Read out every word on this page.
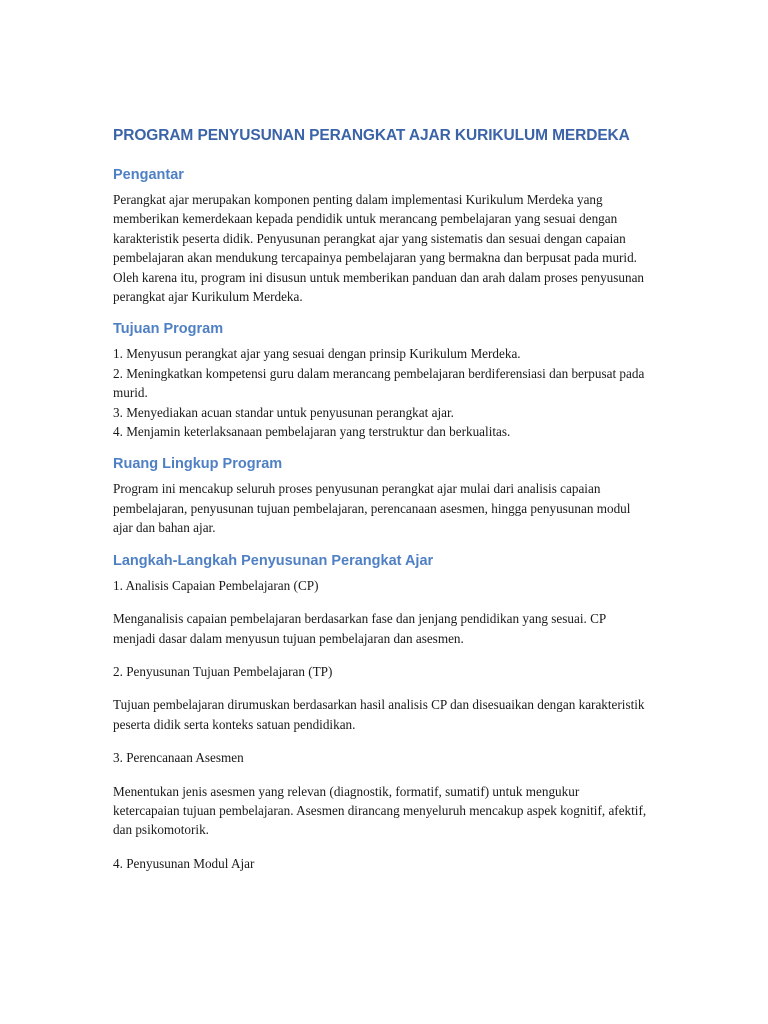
PROGRAM PENYUSUNAN PERANGKAT AJAR KURIKULUM MERDEKA
Pengantar

Perangkat ajar merupakan komponen penting dalam implementasi Kurikulum Merdeka yang memberikan kemerdekaan kepada pendidik untuk merancang pembelajaran yang sesuai dengan karakteristik peserta didik. Penyusunan perangkat ajar yang sistematis dan sesuai dengan capaian pembelajaran akan mendukung tercapainya pembelajaran yang bermakna dan berpusat pada murid. Oleh karena itu, program ini disusun untuk memberikan panduan dan arah dalam proses penyusunan perangkat ajar Kurikulum Merdeka.

Tujuan Program

1. Menyusun perangkat ajar yang sesuai dengan prinsip Kurikulum Merdeka.

2. Meningkatkan kompetensi guru dalam merancang pembelajaran berdiferensiasi dan berpusat pada murid.

3. Menyediakan acuan standar untuk penyusunan perangkat ajar.

4. Menjamin keterlaksanaan pembelajaran yang terstruktur dan berkualitas.

Ruang Lingkup Program

Program ini mencakup seluruh proses penyusunan perangkat ajar mulai dari analisis capaian pembelajaran, penyusunan tujuan pembelajaran, perencanaan asesmen, hingga penyusunan modul ajar dan bahan ajar.

Langkah-Langkah Penyusunan Perangkat Ajar

1. Analisis Capaian Pembelajaran (CP)

Menganalisis capaian pembelajaran berdasarkan fase dan jenjang pendidikan yang sesuai. CP menjadi dasar dalam menyusun tujuan pembelajaran dan asesmen.

2. Penyusunan Tujuan Pembelajaran (TP)

Tujuan pembelajaran dirumuskan berdasarkan hasil analisis CP dan disesuaikan dengan karakteristik peserta didik serta konteks satuan pendidikan.

3. Perencanaan Asesmen

Menentukan jenis asesmen yang relevan (diagnostik, formatif, sumatif) untuk mengukur ketercapaian tujuan pembelajaran. Asesmen dirancang menyeluruh mencakup aspek kognitif, afektif, dan psikomotorik.

4. Penyusunan Modul Ajar
